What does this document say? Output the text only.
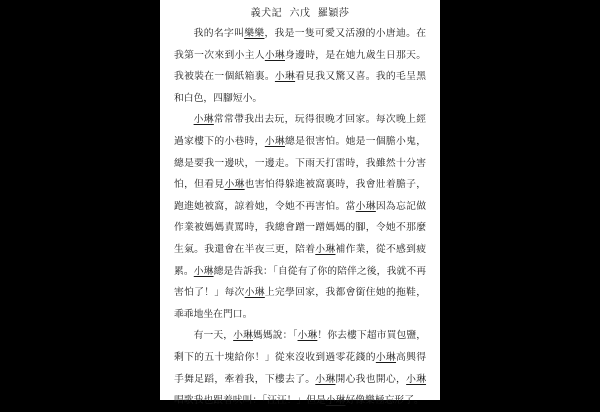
義犬記  六戊  羅穎莎

我的名字叫樂樂，我是一隻可愛又活潑的小唐迪。在我第一次來到小主人小琳身邊時，是在她九歲生日那天。我被裝在一個紙箱裏。小琳看見我又驚又喜。我的毛呈黑和白色，四腳短小。

小琳常常帶我出去玩，玩得很晚才回家。每次晚上經過家樓下的小巷時，小琳總是很害怕。她是一個膽小鬼，總是要我一邊吠，一邊走。下雨天打雷時，我雖然十分害怕，但看見小琳也害怕得躲進被窩裏時，我會壯着膽子，跑進她被窩，諒着她，令她不再害怕。當小琳因為忘記做作業被媽媽責罵時，我總會蹭一蹭媽媽的腳，令她不那麼生氣。我還會在半夜三更，陪着小琳補作業，從不感到疲累。小琳總是告訴我：「自從有了你的陪伴之後，我就不再害怕了！」每次小琳上完學回家，我都會銜住她的拖鞋，乖乖地坐在門口。

有一天，小琳媽媽說：「小琳！你去樓下超市買包鹽，剩下的五十塊給你！」從來沒收到過零花錢的小琳高興得手舞足蹈，牽着我，下樓去了。小琳開心我也開心，小琳唱歌我也跟着吠叫：「汪汪！」但是小琳好像樂極忘形了。
